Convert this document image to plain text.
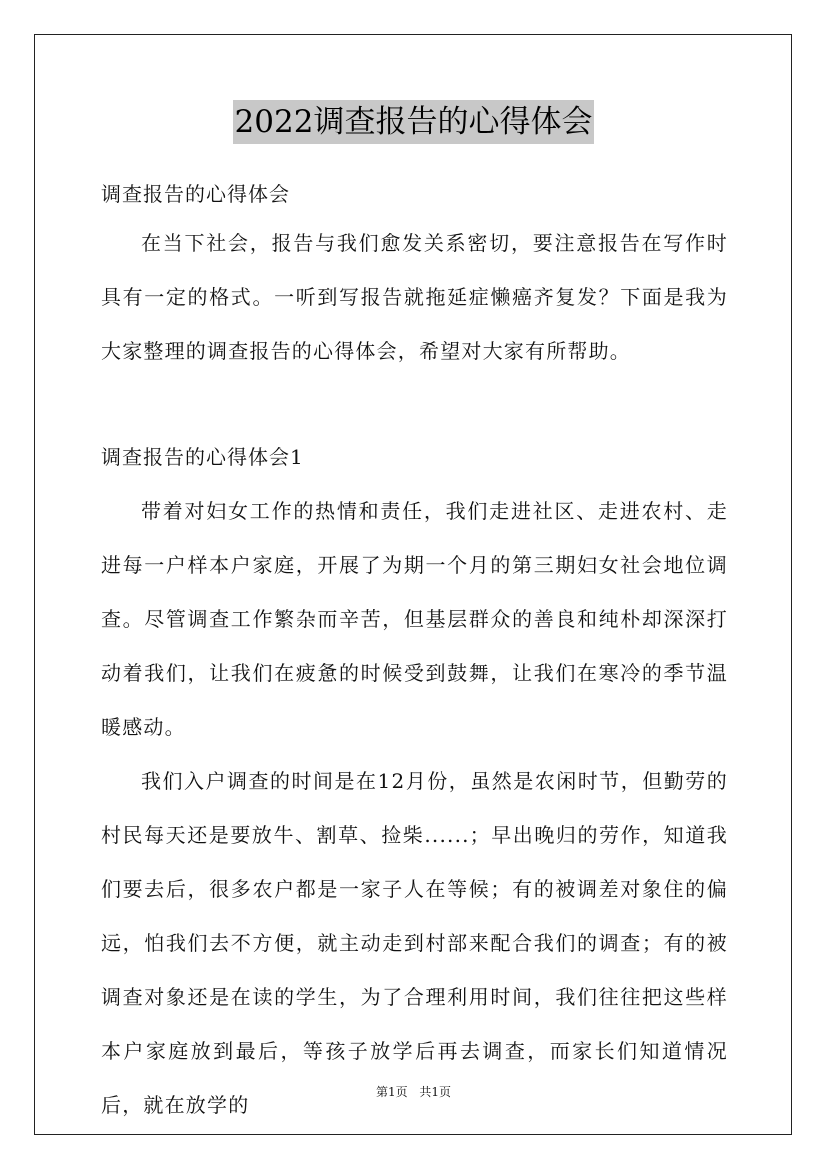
2022调查报告的心得体会

调查报告的心得体会

在当下社会，报告与我们愈发关系密切，要注意报告在写作时具有一定的格式。一听到写报告就拖延症懒癌齐复发？下面是我为大家整理的调查报告的心得体会，希望对大家有所帮助。

调查报告的心得体会1

带着对妇女工作的热情和责任，我们走进社区、走进农村、走进每一户样本户家庭，开展了为期一个月的第三期妇女社会地位调查。尽管调查工作繁杂而辛苦，但基层群众的善良和纯朴却深深打动着我们，让我们在疲惫的时候受到鼓舞，让我们在寒冷的季节温暖感动。

我们入户调查的时间是在12月份，虽然是农闲时节，但勤劳的村民每天还是要放牛、割草、捡柴......；早出晚归的劳作，知道我们要去后，很多农户都是一家子人在等候；有的被调差对象住的偏远，怕我们去不方便，就主动走到村部来配合我们的调查；有的被调查对象还是在读的学生，为了合理利用时间，我们往往把这些样本户家庭放到最后，等孩子放学后再去调查，而家长们知道情况后，就在放学的

第1页 共1页
